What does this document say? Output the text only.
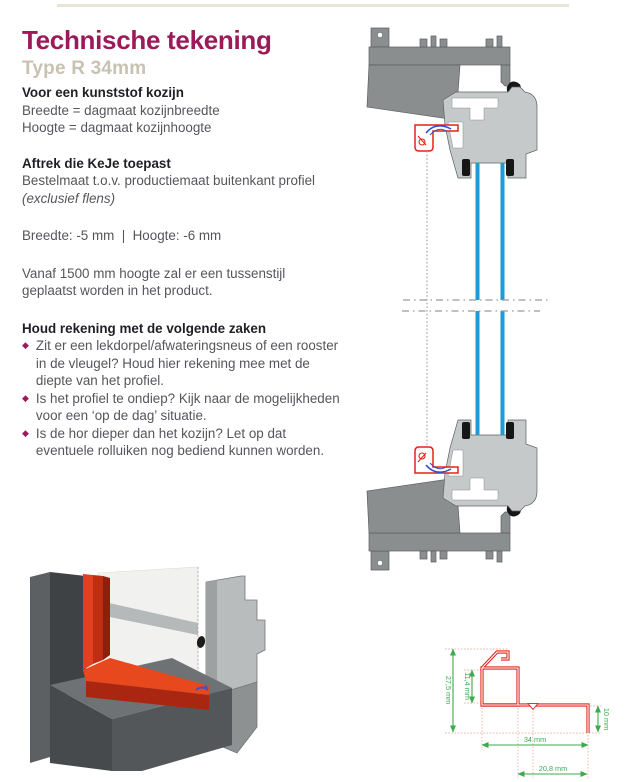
Technische tekening
Type R 34mm
Voor een kunststof kozijn
Breedte = dagmaat kozijnbreedte
Hoogte = dagmaat kozijnhoogte
Aftrek die KeJe toepast
Bestelmaat t.o.v. productiemaat buitenkant profiel
(exclusief flens)
Breedte: -5 mm  |  Hoogte: -6 mm
Vanaf 1500 mm hoogte zal er een tussenstijl
geplaatst worden in het product.
Houd rekening met de volgende zaken
◆ Zit er een lekdorpel/afwateringsneus of een rooster
in de vleugel? Houd hier rekening mee met de
diepte van het profiel.
◆ Is het profiel te ondiep? Kijk naar de mogelijkheden
voor een ‘op de dag’ situatie.
◆ Is de hor dieper dan het kozijn? Let op dat
eventuele rolluiken nog bediend kunnen worden.
27,5 mm 11,4 mm
10 mm
34 mm
20,8 mm
